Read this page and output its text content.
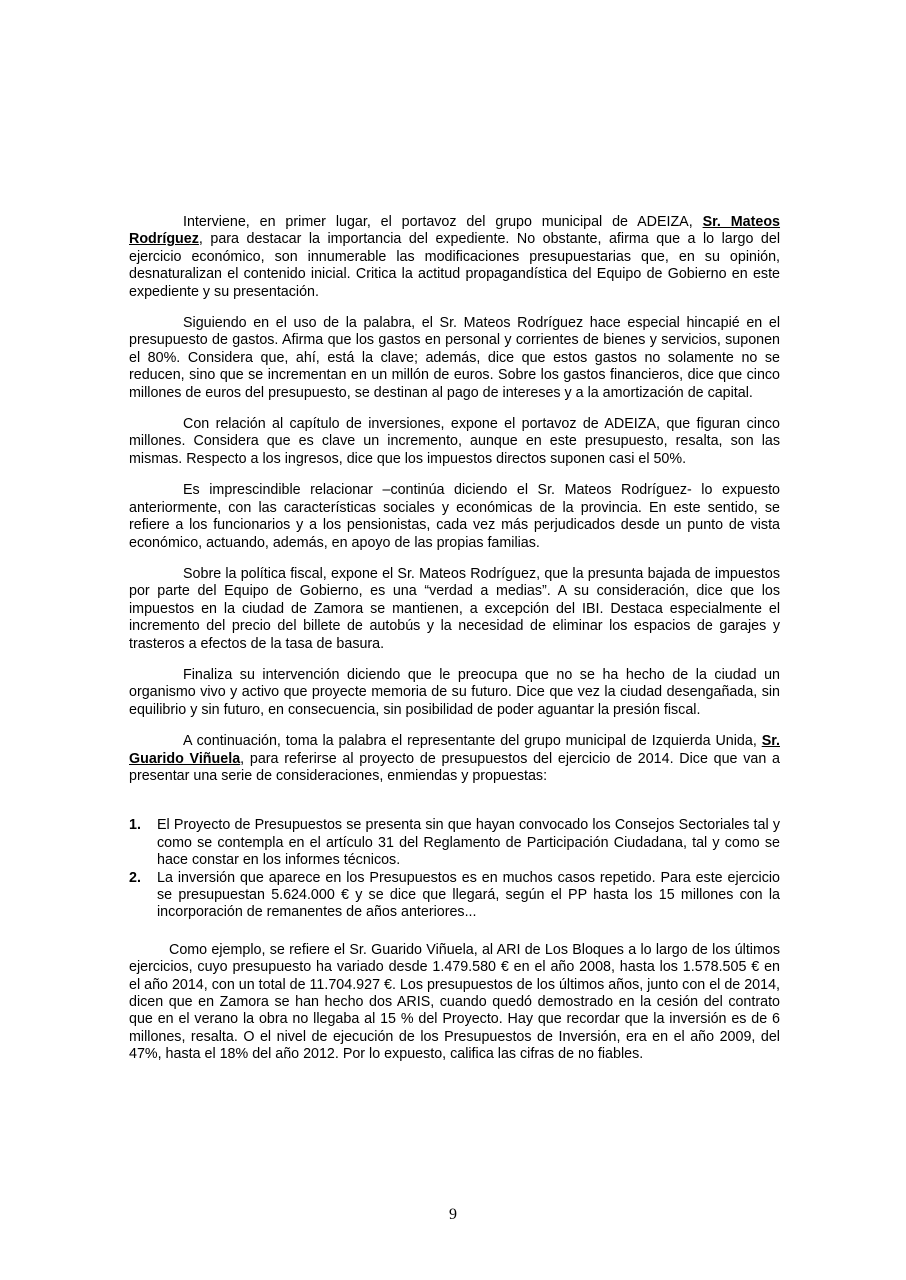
Interviene, en primer lugar, el portavoz del grupo municipal de ADEIZA, Sr. Mateos Rodríguez, para destacar la importancia del expediente. No obstante, afirma que a lo largo del ejercicio económico, son innumerable las modificaciones presupuestarias que, en su opinión, desnaturalizan el contenido inicial. Critica la actitud propagandística del Equipo de Gobierno en este expediente y su presentación.

Siguiendo en el uso de la palabra, el Sr. Mateos Rodríguez hace especial hincapié en el presupuesto de gastos. Afirma que los gastos en personal y corrientes de bienes y servicios, suponen el 80%. Considera que, ahí, está la clave; además, dice que estos gastos no solamente no se reducen, sino que se incrementan en un millón de euros. Sobre los gastos financieros, dice que cinco millones de euros del presupuesto, se destinan al pago de intereses y a la amortización de capital.

Con relación al capítulo de inversiones, expone el portavoz de ADEIZA, que figuran cinco millones. Considera que es clave un incremento, aunque en este presupuesto, resalta, son las mismas. Respecto a los ingresos, dice que los impuestos directos suponen casi el 50%.

Es imprescindible relacionar –continúa diciendo el Sr. Mateos Rodríguez- lo expuesto anteriormente, con las características sociales y económicas de la provincia. En este sentido, se refiere a los funcionarios y a los pensionistas, cada vez más perjudicados desde un punto de vista económico, actuando, además, en apoyo de las propias familias.

Sobre la política fiscal, expone el Sr. Mateos Rodríguez, que la presunta bajada de impuestos por parte del Equipo de Gobierno, es una “verdad a medias”. A su consideración, dice que los impuestos en la ciudad de Zamora se mantienen, a excepción del IBI. Destaca especialmente el incremento del precio del billete de autobús y la necesidad de eliminar los espacios de garajes y trasteros a efectos de la tasa de basura.

Finaliza su intervención diciendo que le preocupa que no se ha hecho de la ciudad un organismo vivo y activo que proyecte memoria de su futuro. Dice que vez la ciudad desengañada, sin equilibrio y sin futuro, en consecuencia, sin posibilidad de poder aguantar la presión fiscal.

A continuación, toma la palabra el representante del grupo municipal de Izquierda Unida, Sr. Guarido Viñuela, para referirse al proyecto de presupuestos del ejercicio de 2014. Dice que van a presentar una serie de consideraciones, enmiendas y propuestas:

1. El Proyecto de Presupuestos se presenta sin que hayan convocado los Consejos Sectoriales tal y como se contempla en el artículo 31 del Reglamento de Participación Ciudadana, tal y como se hace constar en los informes técnicos.
2. La inversión que aparece en los Presupuestos es en muchos casos repetido. Para este ejercicio se presupuestan 5.624.000 € y se dice que llegará, según el PP hasta los 15 millones con la incorporación de remanentes de años anteriores...

Como ejemplo, se refiere el Sr. Guarido Viñuela, al ARI de Los Bloques a lo largo de los últimos ejercicios, cuyo presupuesto ha variado desde 1.479.580 € en el año 2008, hasta los 1.578.505 € en el año 2014, con un total de 11.704.927 €. Los presupuestos de los últimos años, junto con el de 2014, dicen que en Zamora se han hecho dos ARIS, cuando quedó demostrado en la cesión del contrato que en el verano la obra no llegaba al 15 % del Proyecto. Hay que recordar que la inversión es de 6 millones, resalta. O el nivel de ejecución de los Presupuestos de Inversión, era en el año 2009, del 47%, hasta el 18% del año 2012. Por lo expuesto, califica las cifras de no fiables.

9
